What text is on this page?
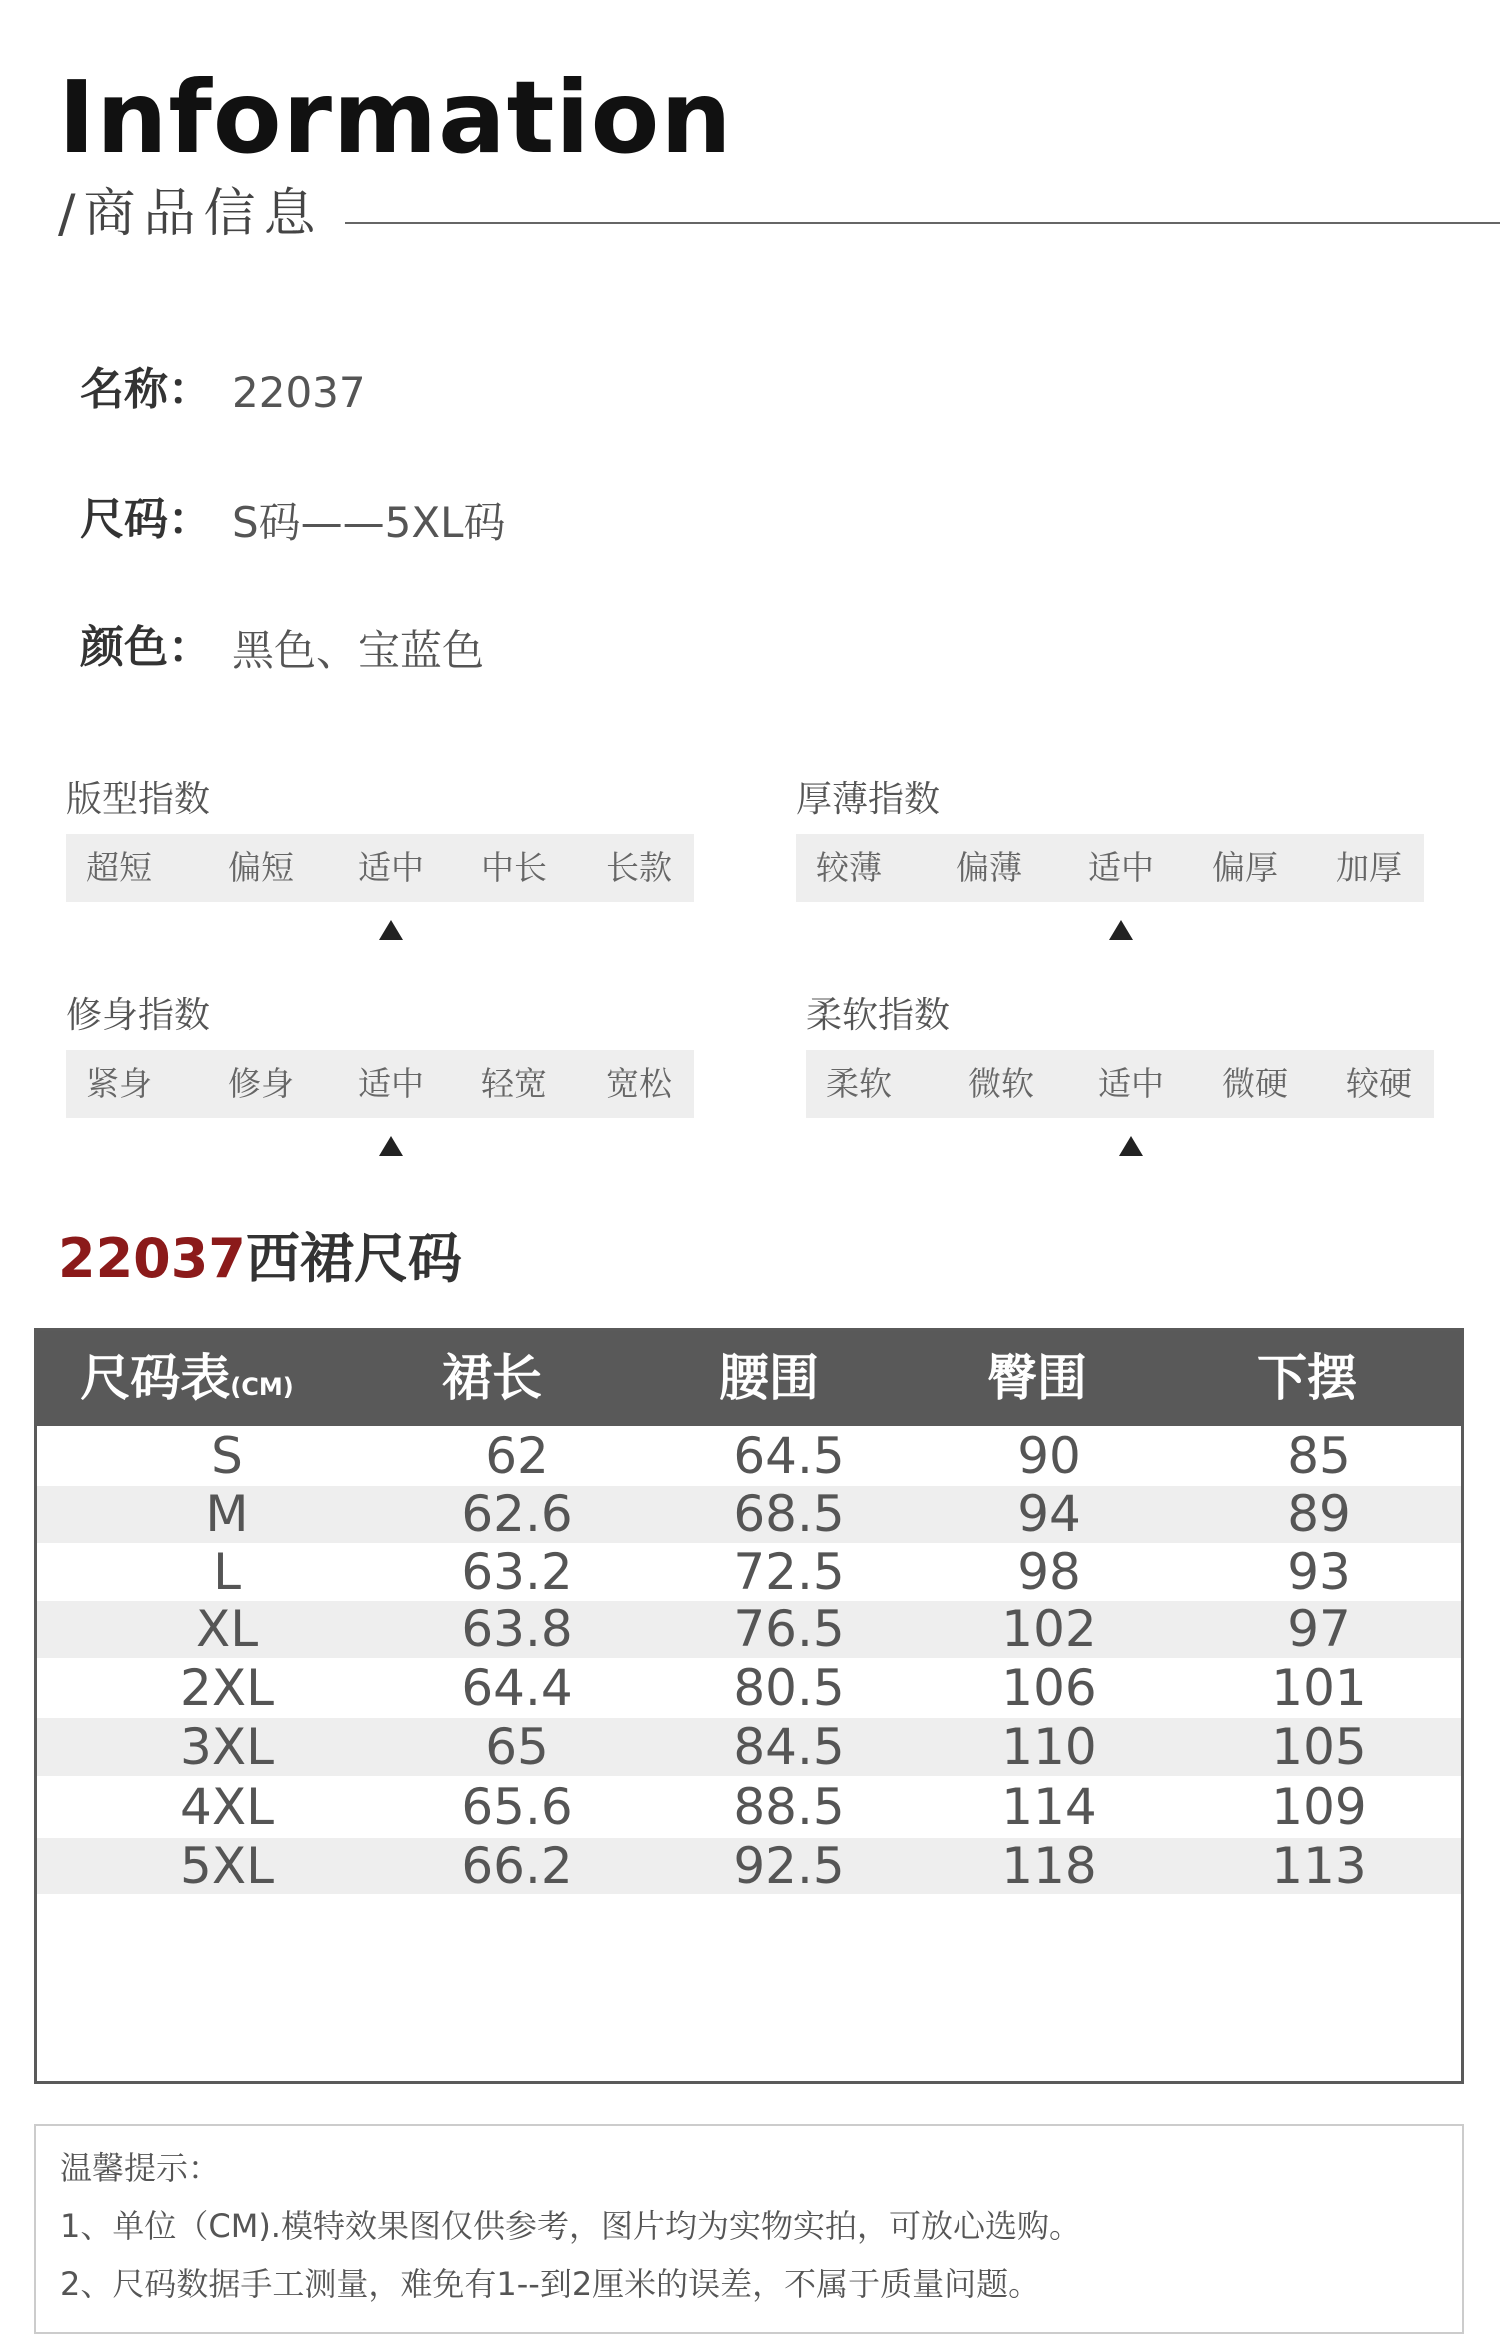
Information
/商品信息
名称： 22037
尺码： S码——5XL码
颜色： 黑色、宝蓝色
版型指数
超短 偏短 适中 中长 长款
厚薄指数
较薄 偏薄 适中 偏厚 加厚
修身指数
紧身 修身 适中 轻宽 宽松
柔软指数
柔软 微软 适中 微硬 较硬
22037西裙尺码
尺码表(CM)	裙长	腰围	臀围	下摆
S	62	64.5	90	85
M	62.6	68.5	94	89
L	63.2	72.5	98	93
XL	63.8	76.5	102	97
2XL	64.4	80.5	106	101
3XL	65	84.5	110	105
4XL	65.6	88.5	114	109
5XL	66.2	92.5	118	113
温馨提示：
1、单位（CM).模特效果图仅供参考，图片均为实物实拍，可放心选购。
2、尺码数据手工测量，难免有1--到2厘米的误差，不属于质量问题。
